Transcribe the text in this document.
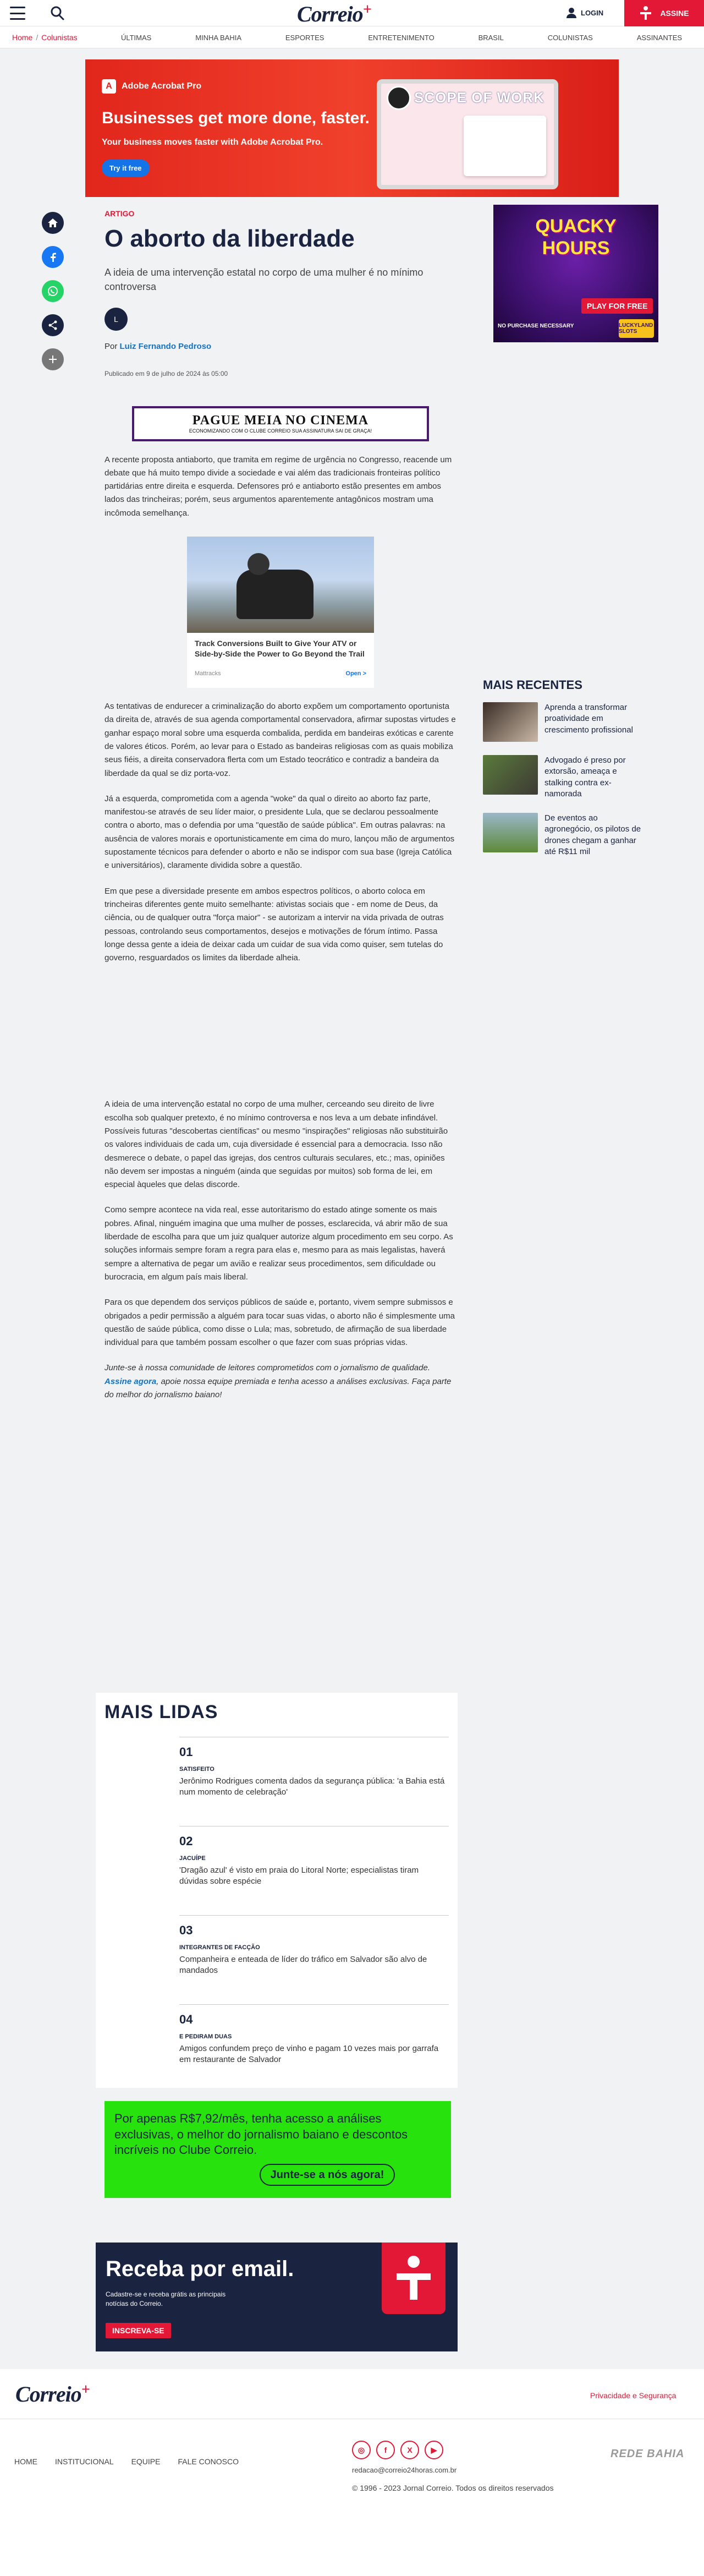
Correio+	LOGIN	ASSINE
Home / Colunistas	ÚLTIMAS	MINHA BAHIA	ESPORTES	ENTRETENIMENTO	BRASIL	COLUNISTAS	ASSINANTES
A	Adobe Acrobat Pro
Businesses get more done, faster.
Your business moves faster with Adobe Acrobat Pro.
Try it free
SCOPE OF WORK
ARTIGO
O aborto da liberdade
A ideia de uma intervenção estatal no corpo de uma mulher é no mínimo controversa
L
Por Luiz Fernando Pedroso
Publicado em 9 de julho de 2024 às 05:00
PAGUE MEIA NO CINEMA
ECONOMIZANDO COM O CLUBE CORREIO SUA ASSINATURA SAI DE GRAÇA!

A recente proposta antiaborto, que tramita em regime de urgência no Congresso, reacende um debate que há muito tempo divide a sociedade e vai além das tradicionais fronteiras político partidárias entre direita e esquerda. Defensores pró e antiaborto estão presentes em ambos lados das trincheiras; porém, seus argumentos aparentemente antagônicos mostram uma incômoda semelhança.

Track Conversions Built to Give Your ATV or Side-by-Side the Power to Go Beyond the Trail
Mattracks	Open >

As tentativas de endurecer a criminalização do aborto expõem um comportamento oportunista da direita de, através de sua agenda comportamental conservadora, afirmar supostas virtudes e ganhar espaço moral sobre uma esquerda combalida, perdida em bandeiras exóticas e carente de valores éticos. Porém, ao levar para o Estado as bandeiras religiosas com as quais mobiliza seus fiéis, a direita conservadora flerta com um Estado teocrático e contradiz a bandeira da liberdade da qual se diz porta-voz.

Já a esquerda, comprometida com a agenda "woke" da qual o direito ao aborto faz parte, manifestou-se através de seu líder maior, o presidente Lula, que se declarou pessoalmente contra o aborto, mas o defendia por uma "questão de saúde pública". Em outras palavras: na ausência de valores morais e oportunisticamente em cima do muro, lançou mão de argumentos supostamente técnicos para defender o aborto e não se indispor com sua base (Igreja Católica e universitários), claramente dividida sobre a questão.

Em que pese a diversidade presente em ambos espectros políticos, o aborto coloca em trincheiras diferentes gente muito semelhante: ativistas sociais que - em nome de Deus, da ciência, ou de qualquer outra "força maior" - se autorizam a intervir na vida privada de outras pessoas, controlando seus comportamentos, desejos e motivações de fórum íntimo. Passa longe dessa gente a ideia de deixar cada um cuidar de sua vida como quiser, sem tutelas do governo, resguardados os limites da liberdade alheia.

A ideia de uma intervenção estatal no corpo de uma mulher, cerceando seu direito de livre escolha sob qualquer pretexto, é no mínimo controversa e nos leva a um debate infindável. Possíveis futuras "descobertas científicas" ou mesmo "inspirações" religiosas não substituirão os valores individuais de cada um, cuja diversidade é essencial para a democracia. Isso não desmerece o debate, o papel das igrejas, dos centros culturais seculares, etc.; mas, opiniões não devem ser impostas a ninguém (ainda que seguidas por muitos) sob forma de lei, em especial àqueles que delas discorde.

Como sempre acontece na vida real, esse autoritarismo do estado atinge somente os mais pobres. Afinal, ninguém imagina que uma mulher de posses, esclarecida, vá abrir mão de sua liberdade de escolha para que um juiz qualquer autorize algum procedimento em seu corpo. As soluções informais sempre foram a regra para elas e, mesmo para as mais legalistas, haverá sempre a alternativa de pegar um avião e realizar seus procedimentos, sem dificuldade ou burocracia, em algum país mais liberal.

Para os que dependem dos serviços públicos de saúde e, portanto, vivem sempre submissos e obrigados a pedir permissão a alguém para tocar suas vidas, o aborto não é simplesmente uma questão de saúde pública, como disse o Lula; mas, sobretudo, de afirmação de sua liberdade individual para que também possam escolher o que fazer com suas próprias vidas.

Junte-se à nossa comunidade de leitores comprometidos com o jornalismo de qualidade. Assine agora, apoie nossa equipe premiada e tenha acesso a análises exclusivas. Faça parte do melhor do jornalismo baiano!

QUACKY
HOURS
PLAY FOR FREE
NO PURCHASE NECESSARY	LUCKYLAND SLOTS
MAIS RECENTES
Aprenda a transformar proatividade em crescimento profissional
Advogado é preso por extorsão, ameaça e stalking contra ex-namorada
De eventos ao agronegócio, os pilotos de drones chegam a ganhar até R$11 mil
MAIS LIDAS
01
SATISFEITO
Jerônimo Rodrigues comenta dados da segurança pública: 'a Bahia está num momento de celebração'
02
JACUÍPE
'Dragão azul' é visto em praia do Litoral Norte; especialistas tiram dúvidas sobre espécie
03
INTEGRANTES DE FACÇÃO
Companheira e enteada de líder do tráfico em Salvador são alvo de mandados
04
E PEDIRAM DUAS
Amigos confundem preço de vinho e pagam 10 vezes mais por garrafa em restaurante de Salvador
Por apenas R$7,92/mês, tenha acesso a análises exclusivas, o melhor do jornalismo baiano e descontos incríveis no Clube Correio.
Junte-se a nós agora!
Receba por email.
Cadastre-se e receba grátis as principais notícias do Correio.
INSCREVA-SE
Correio+	Privacidade e Segurança
HOME INSTITUCIONAL EQUIPE FALE CONOSCO
◎	f	X	▶
redacao@correio24horas.com.br
© 1996 - 2023 Jornal Correio. Todos os direitos reservados
REDE BAHIA
